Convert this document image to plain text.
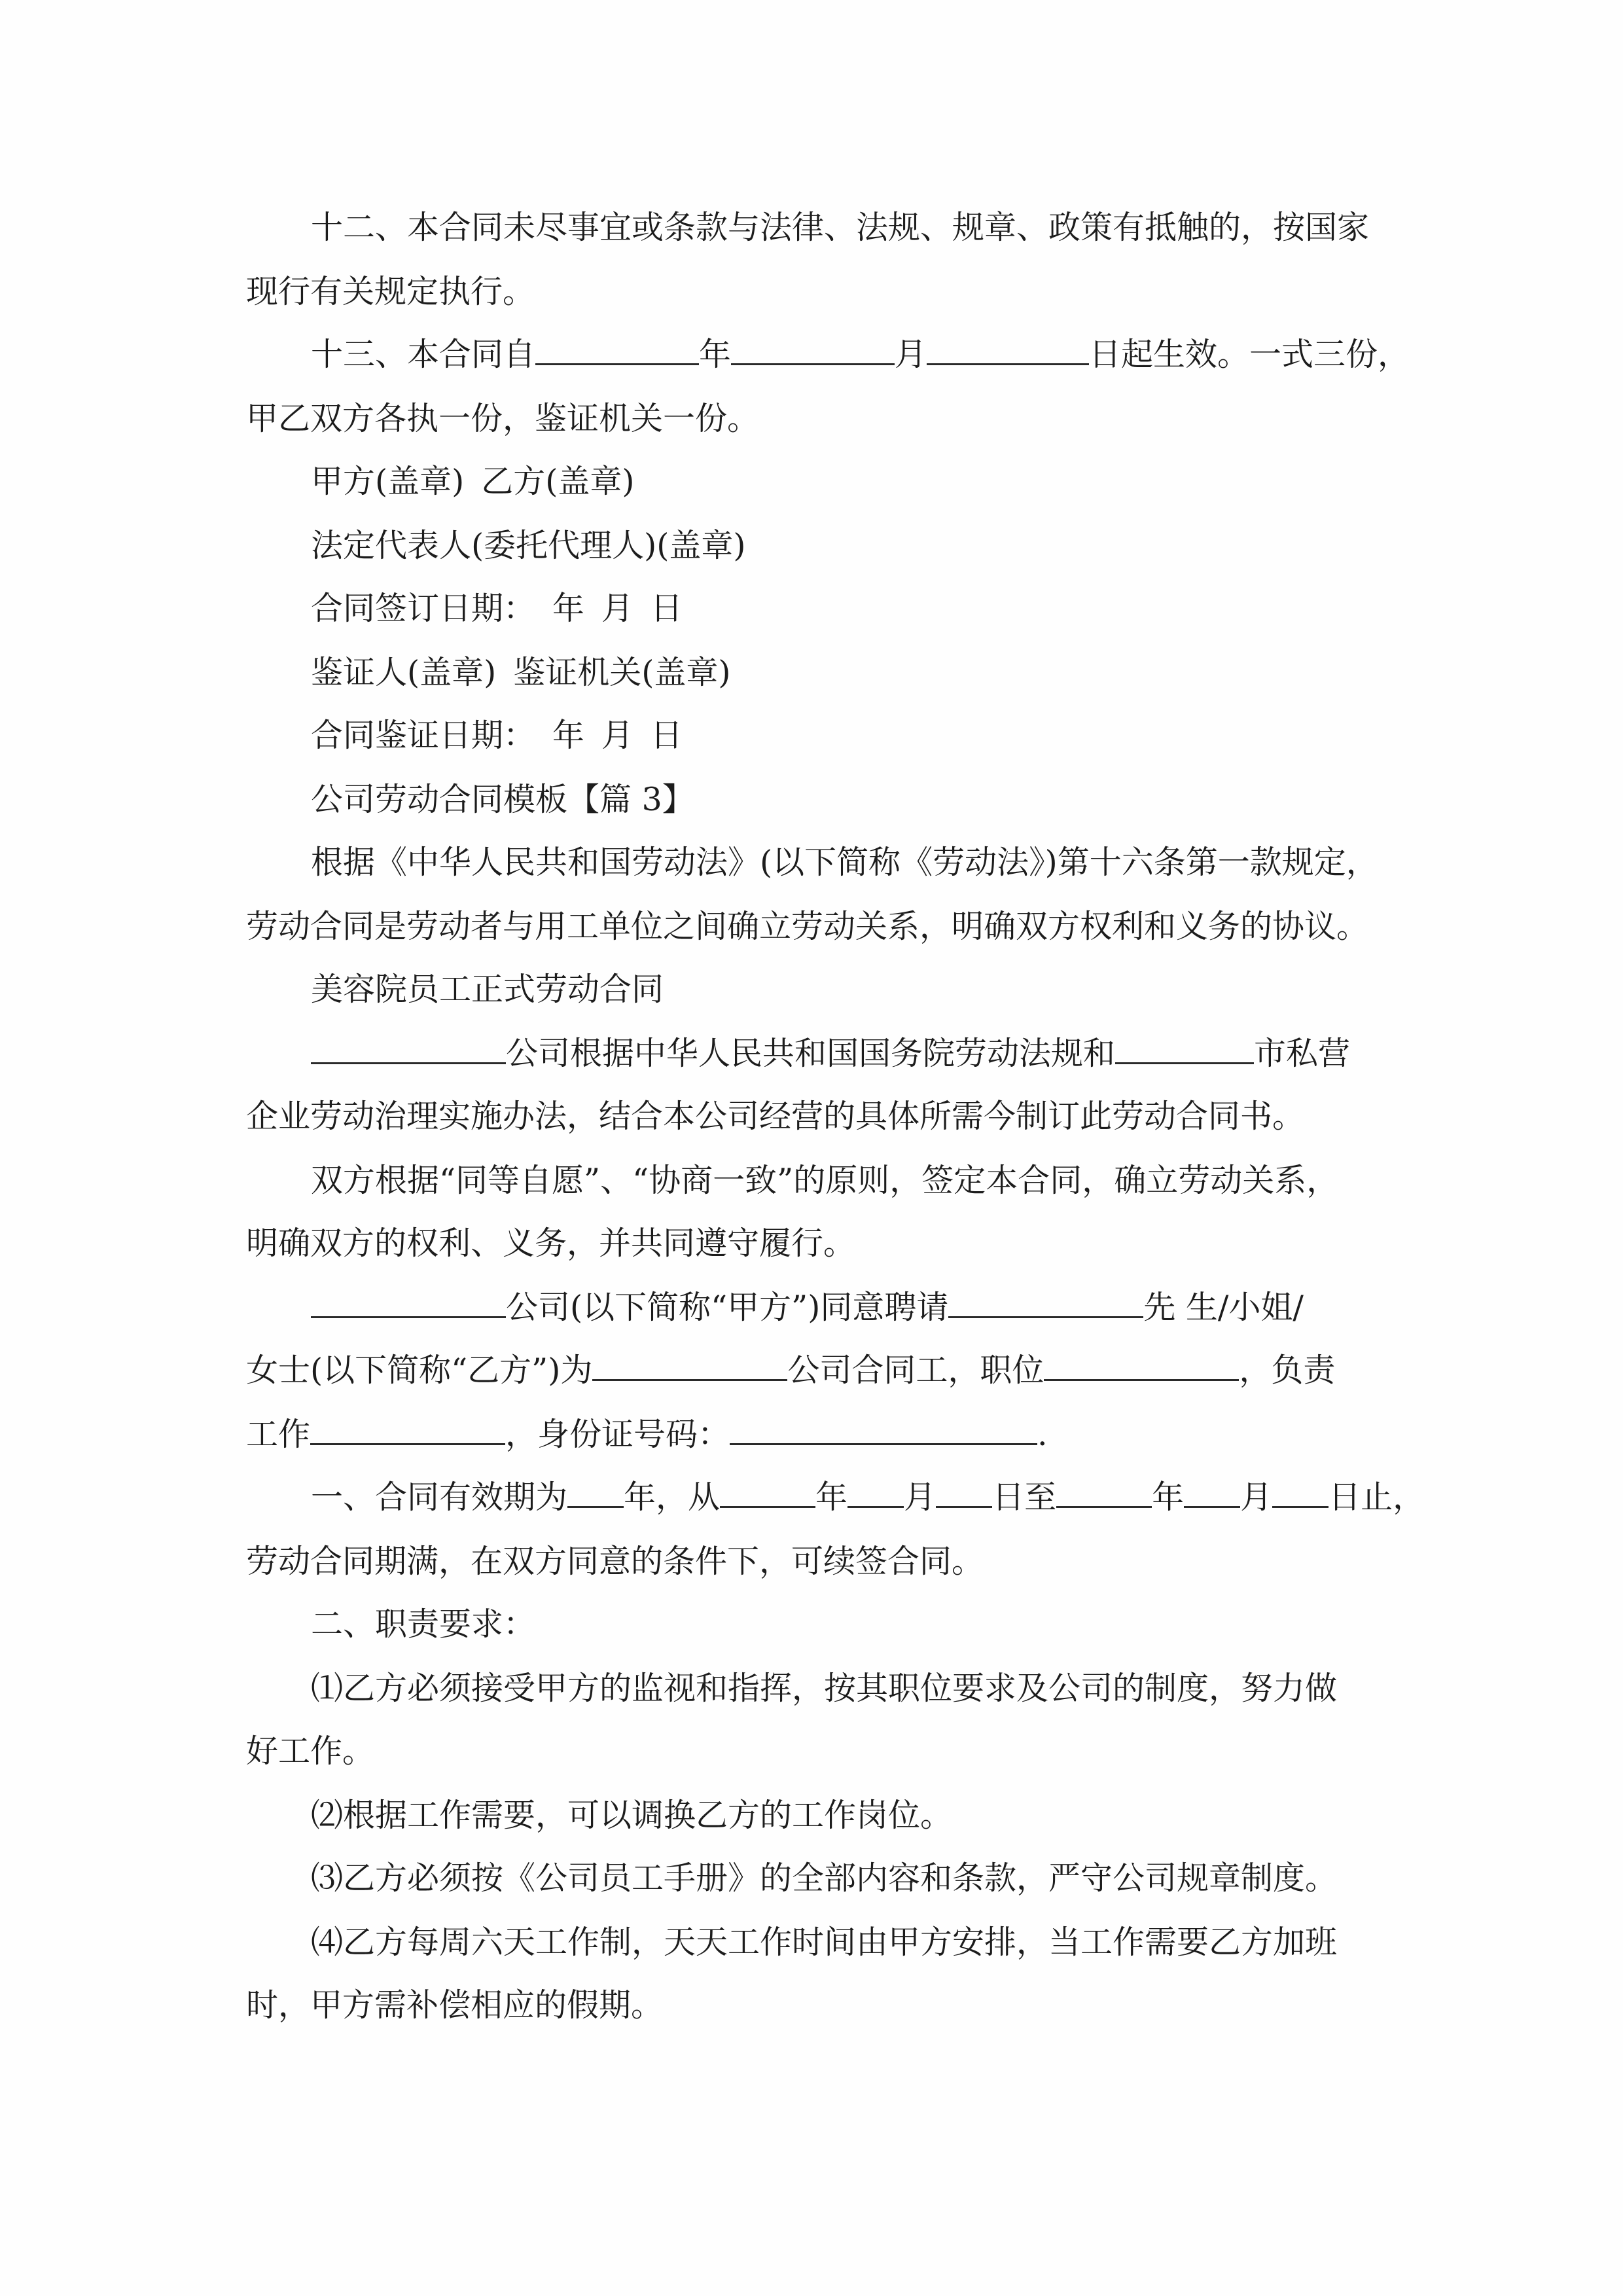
十二、本合同未尽事宜或条款与法律、法规、规章、政策有抵触的，按国家
现行有关规定执行。
十三、本合同自	年	月	日起生效。一式三份，
甲乙双方各执一份，鉴证机关一份。
甲方(盖章) 乙方(盖章)
法定代表人(委托代理人)(盖章)
合同签订日期： 年 月 日
鉴证人(盖章) 鉴证机关(盖章)
合同鉴证日期： 年 月 日
公司劳动合同模板【篇 3】
根据《中华人民共和国劳动法》(以下简称《劳动法》)第十六条第一款规定，
劳动合同是劳动者与用工单位之间确立劳动关系，明确双方权利和义务的协议。
美容院员工正式劳动合同
公司根据中华人民共和国国务院劳动法规和	市私营
企业劳动治理实施办法，结合本公司经营的具体所需今制订此劳动合同书。
双方根据“同等自愿”、“协商一致”的原则，签定本合同，确立劳动关系，
明确双方的权利、义务，并共同遵守履行。
公司(以下简称“甲方”)同意聘请	先 生/小姐/
女士(以下简称“乙方”)为	公司合同工，职位	，负责
工作	，身份证号码：	.
一、合同有效期为 年，从	年 月 日至	年 月 日止，
劳动合同期满，在双方同意的条件下，可续签合同。
二、职责要求：
⑴乙方必须接受甲方的监视和指挥，按其职位要求及公司的制度，努力做
好工作。
⑵根据工作需要，可以调换乙方的工作岗位。
⑶乙方必须按《公司员工手册》的全部内容和条款，严守公司规章制度。
⑷乙方每周六天工作制，天天工作时间由甲方安排，当工作需要乙方加班
时，甲方需补偿相应的假期。
